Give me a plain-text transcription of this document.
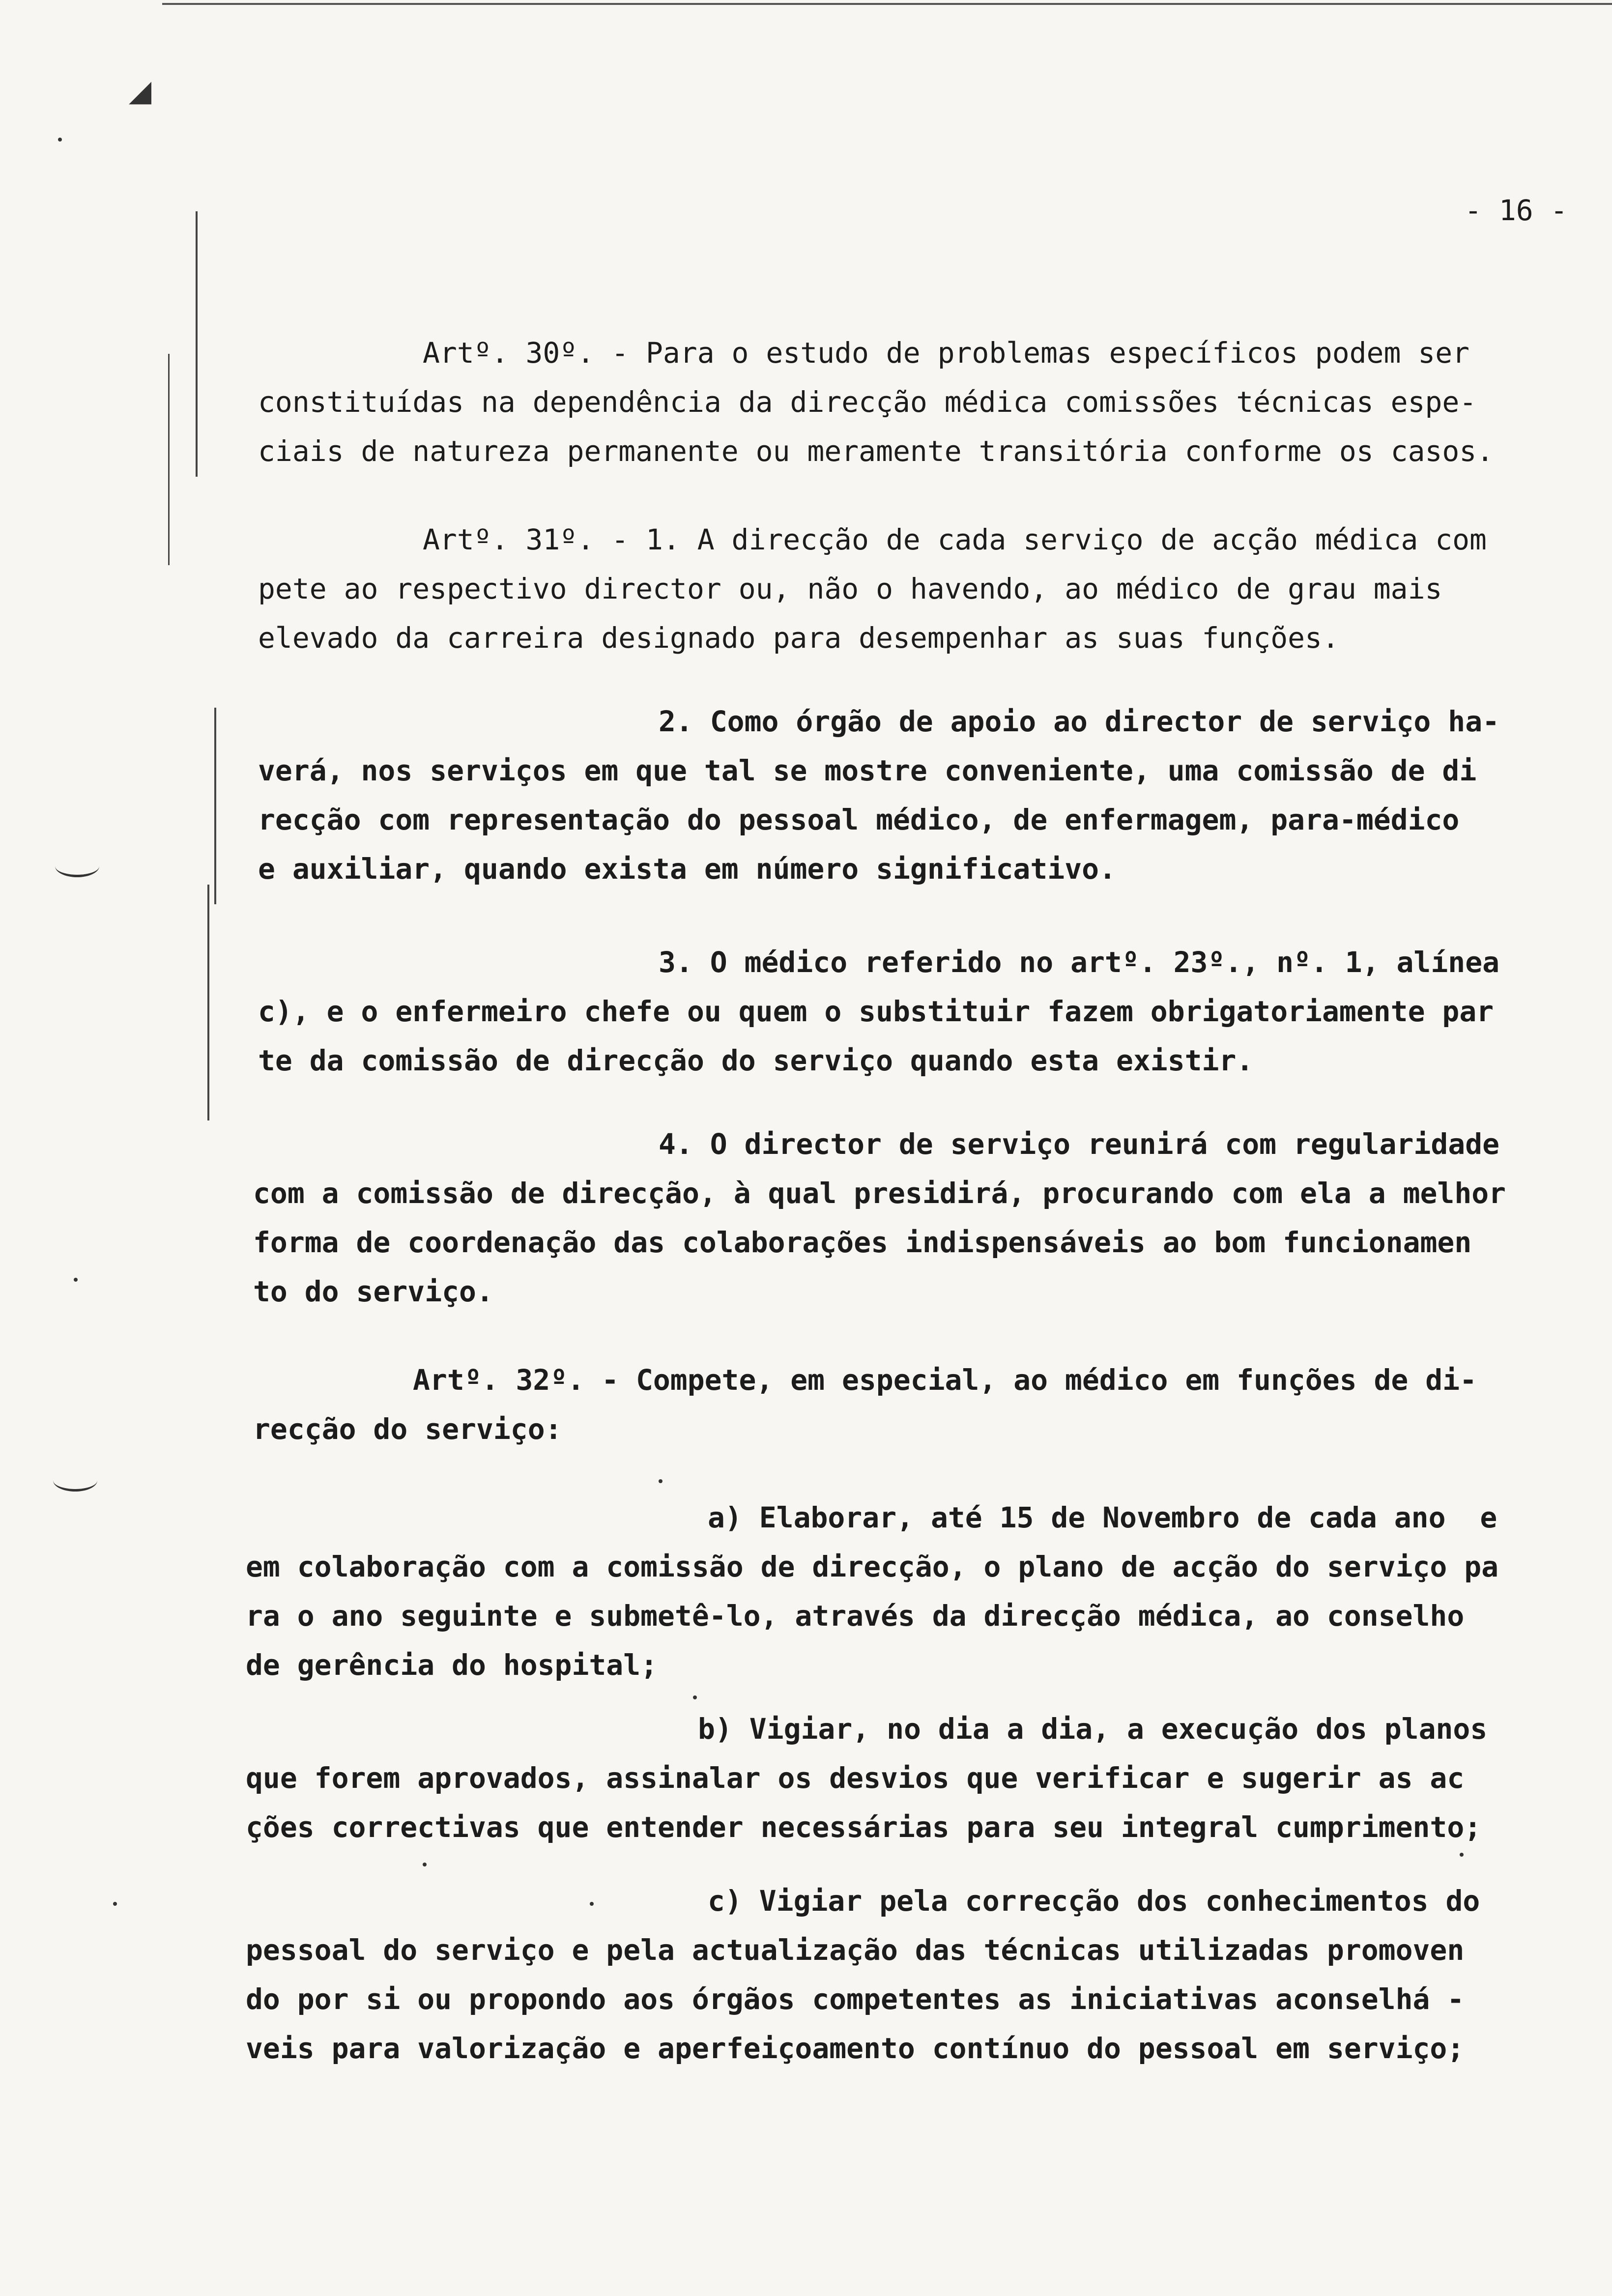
◢

- 16 -

Artº. 30º. - Para o estudo de problemas específicos podem ser

constituídas na dependência da direcção médica comissões técnicas espe-

ciais de natureza permanente ou meramente transitória conforme os casos.

Artº. 31º. - 1. A direcção de cada serviço de acção médica com

pete ao respectivo director ou, não o havendo, ao médico de grau mais

elevado da carreira designado para desempenhar as suas funções.

2. Como órgão de apoio ao director de serviço ha-

verá, nos serviços em que tal se mostre conveniente, uma comissão de di

recção com representação do pessoal médico, de enfermagem, para-médico

e auxiliar, quando exista em número significativo.

3. O médico referido no artº. 23º., nº. 1, alínea

c), e o enfermeiro chefe ou quem o substituir fazem obrigatoriamente par

te da comissão de direcção do serviço quando esta existir.

4. O director de serviço reunirá com regularidade

com a comissão de direcção, à qual presidirá, procurando com ela a melhor

forma de coordenação das colaborações indispensáveis ao bom funcionamen

to do serviço.

Artº. 32º. - Compete, em especial, ao médico em funções de di-

recção do serviço:

a) Elaborar, até 15 de Novembro de cada ano  e

em colaboração com a comissão de direcção, o plano de acção do serviço pa

ra o ano seguinte e submetê-lo, através da direcção médica, ao conselho

de gerência do hospital;

b) Vigiar, no dia a dia, a execução dos planos

que forem aprovados, assinalar os desvios que verificar e sugerir as ac

ções correctivas que entender necessárias para seu integral cumprimento;

c) Vigiar pela correcção dos conhecimentos do

pessoal do serviço e pela actualização das técnicas utilizadas promoven

do por si ou propondo aos órgãos competentes as iniciativas aconselhá -

veis para valorização e aperfeiçoamento contínuo do pessoal em serviço;
